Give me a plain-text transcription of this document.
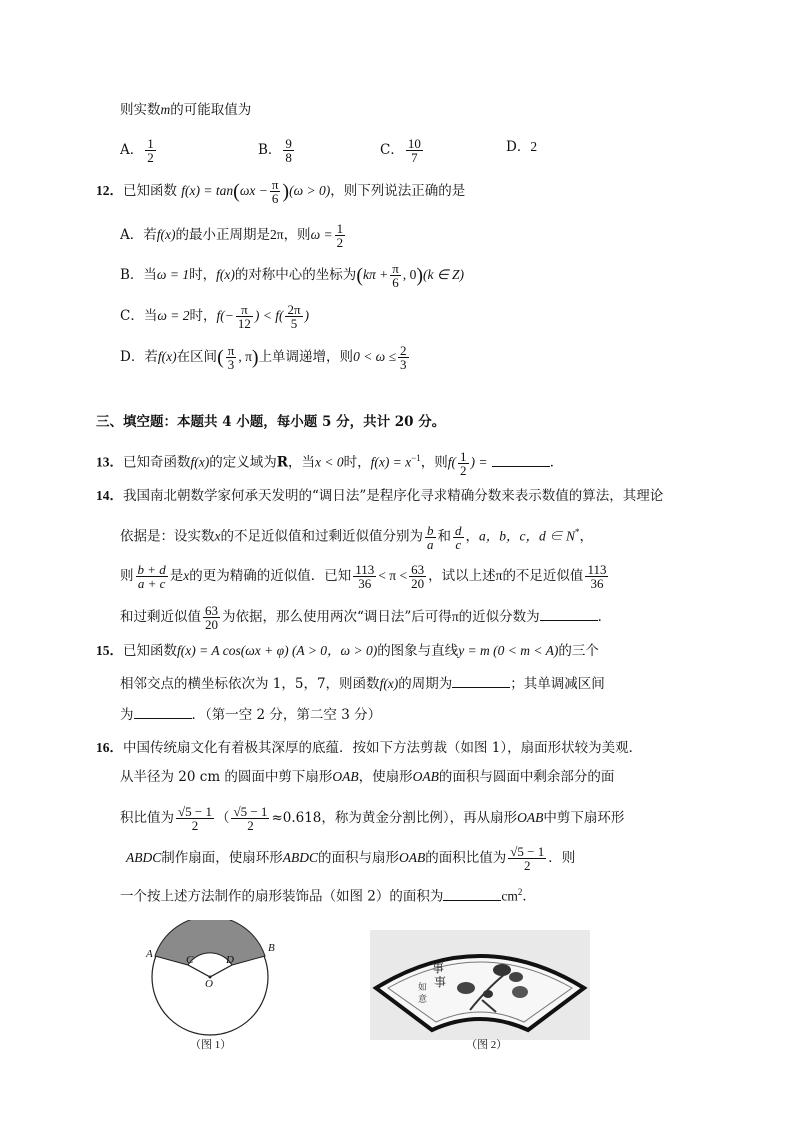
则实数m的可能取值为
A． $\frac{1}{2}$	B． $\frac{9}{8}$	C． $\frac{10}{7}$	D．2
12．已知函数 $f(x) = \tan(\omega x - \frac{\pi}{6} )(\omega > 0)$，则下列说法正确的是
A．若f(x)的最小正周期是2π，则$\omega = \frac{1}{2}$
B．当ω = 1时，f(x)的对称中心的坐标为($k\pi + \frac{\pi}{6}$ , 0)(k ∈ Z)
C．当ω = 2时，$f(- \frac{\pi}{12}$ ) < $f( \frac{2\pi}{5}$ )
D．若f(x)在区间( $\frac{\pi}{3}$ , π)上单调递增，则$0 < \omega \le \frac{2}{3}$
三、填空题：本题共 4 小题，每小题 5 分，共计 20 分。
13．已知奇函数f(x)的定义域为R，当x < 0时，$f(x) = x^{-1}$，则$f( \frac{1}{2}$ ) =	．
14．我国南北朝数学家何承天发明的“调日法”是程序化寻求精确分数来表示数值的算法，其理论
依据是：设实数x的不足近似值和过剩近似值分别为 $\frac{b}{a}$ 和 $\frac{d}{c}$ ，a，b，c，d ∈ N*，
则 $\frac{b + d}{a + c}$ 是x的更为精确的近似值．已知 $\frac{113}{36} < \pi < \frac{63}{20}$ ，试以上述π的不足近似值 $\frac{113}{36}$
和过剩近似值 $\frac{63}{20}$ 为依据，那么使用两次“调日法”后可得π的近似分数为	．
15．已知函数f(x) = A cos(ωx + φ) (A > 0，ω > 0)的图象与直线y = m (0 < m < A)的三个
相邻交点的横坐标依次为 1，5，7，则函数f(x)的周期为	；其单调减区间
为	．（第一空 2 分，第二空 3 分）
16．中国传统扇文化有着极其深厚的底蕴．按如下方法剪裁（如图 1），扇面形状较为美观．
从半径为 20 cm 的圆面中剪下扇形OAB，使扇形OAB的面积与圆面中剩余部分的面
积比值为 $\frac{√5 - 1}{2}$ （ $\frac{√5 - 1}{2} \approx 0.618$，称为黄金分割比例），再从扇形OAB中剪下扇环形
ABDC制作扇面，使扇环形ABDC的面积与扇形OAB的面积比值为 $\frac{√5 - 1}{2}$ ．则
一个按上述方法制作的扇形装饰品（如图 2）的面积为	$cm^2$．
A	B
C	D
O
（图 1）
事
事
如
意
（图 2）
